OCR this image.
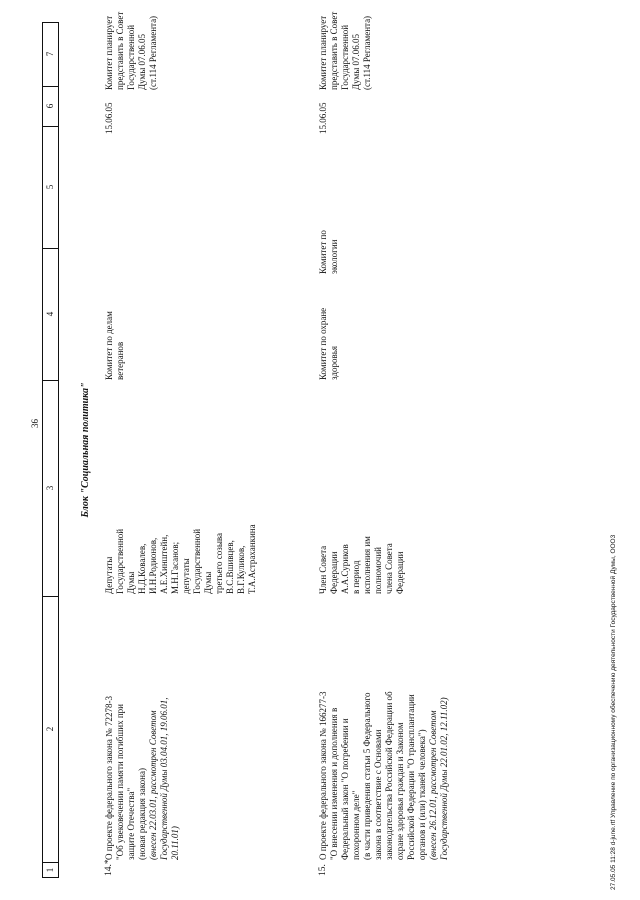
36
1
2
3
4
5
6
7
Блок "Социальная политика"
14.*
О проекте федерального закона № 72278-3 "Об увековечении памяти погибших при защите Отечества" (новая редакция закона) (внесен 22.03.01, рассмотрен Советом Государственной Думы 03.04.01, 19.06.01, 20.11.01)
Депутаты Государственной Думы Н.Д.Ковалев, И.Н.Родионов, А.Е.Хинштейн, М.Н.Гасанов; депутаты Государственной Думы третьего созыва В.С.Вшивцев, В.Г.Куликов, Т.А.Астраханкина
Комитет по делам ветеранов
15.06.05
Комитет планирует представить в Совет Государственной Думы 07.06.05 (ст.114 Регламента)
15.
О проекте федерального закона № 166277-3 "О внесении изменения и дополнения в Федеральный закон "О погребении и похоронном деле" (в части приведения статьи 5 Федерального закона в соответствие с Основами законодательства Российской Федерации об охране здоровья граждан и Законом Российской Федерации "О трансплантации органов и (или) тканей человека") (внесен 26.12.01, рассмотрен Советом Государственной Думы 22.01.02, 12.11.02)
Член Совета Федерации А.А.Суриков в период исполнения им полномочий члена Совета Федерации
Комитет по охране здоровья
Комитет по экологии
15.06.05
Комитет планирует представить в Совет Государственной Думы 07.06.05 (ст.114 Регламента)
27.05.05 11:28 d-june.rtf Управление по организационному обеспечению деятельности Государственной Думы, ООО3
